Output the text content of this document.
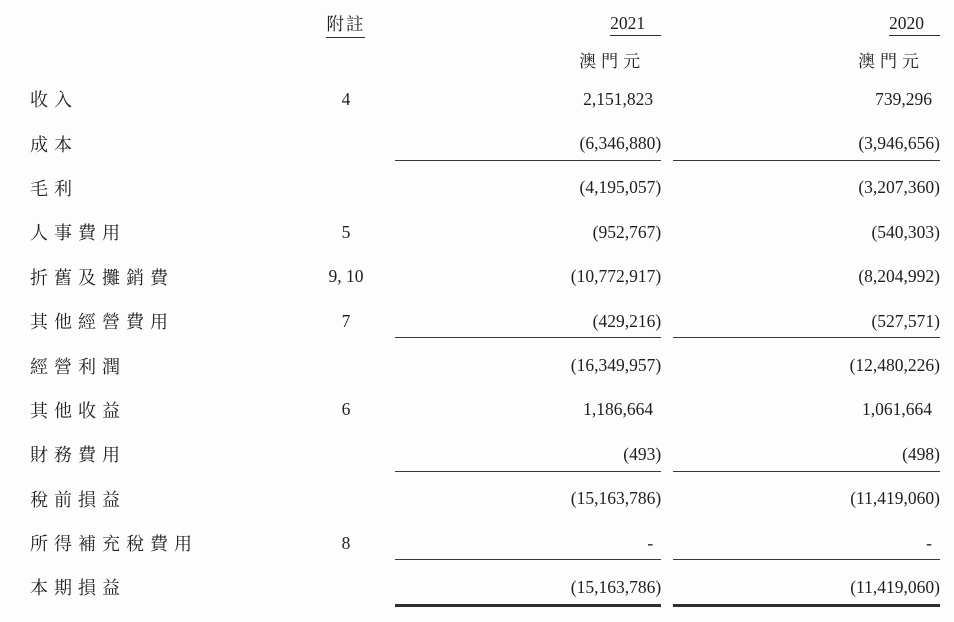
	附註	2021		2020
		澳門元		澳門元
收入	4	2,151,823		739,296
成本		(6,346,880)		(3,946,656)
毛利		(4,195,057)		(3,207,360)
人事費用	5	(952,767)		(540,303)
折舊及攤銷費	9, 10	(10,772,917)		(8,204,992)
其他經營費用	7	(429,216)		(527,571)
經營利潤		(16,349,957)		(12,480,226)
其他收益	6	1,186,664		1,061,664
財務費用		(493)		(498)
稅前損益		(15,163,786)		(11,419,060)
所得補充稅費用	8	-		-
本期損益		(15,163,786)		(11,419,060)
